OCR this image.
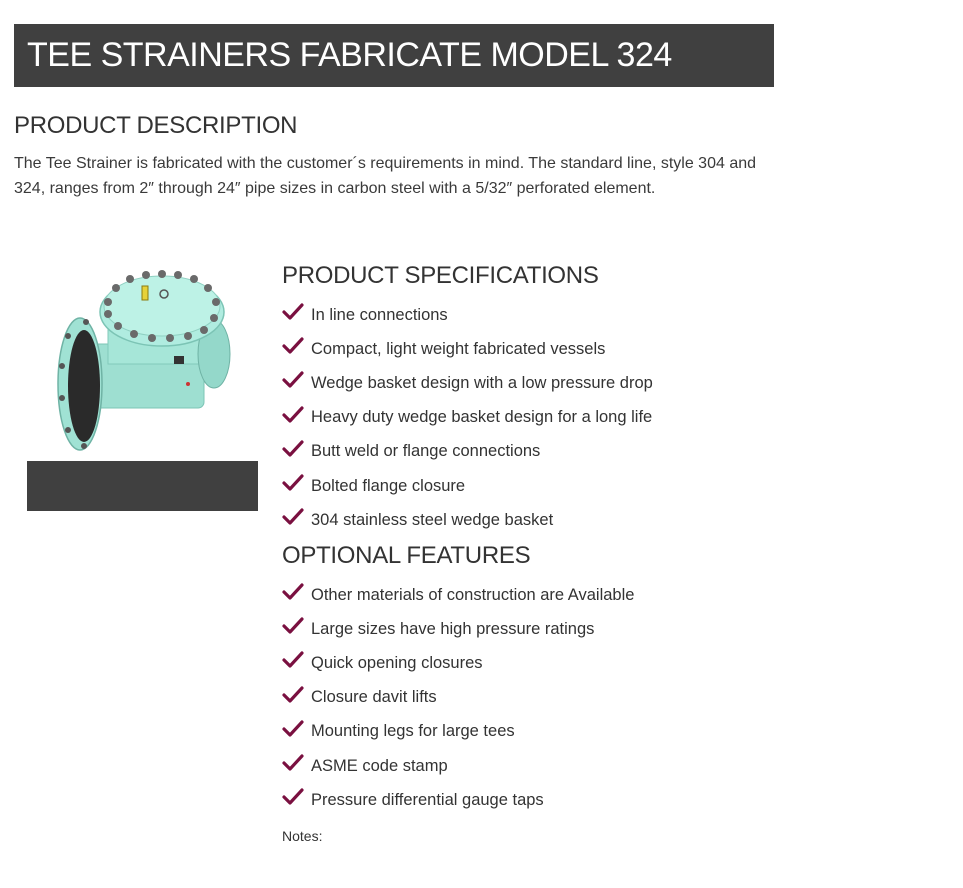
TEE STRAINERS FABRICATE MODEL 324
PRODUCT DESCRIPTION
The Tee Strainer is fabricated with the customer´s requirements in mind. The standard line, style 304 and 324, ranges from 2″ through 24″ pipe sizes in carbon steel with a 5/32″ perforated element.
PRODUCT SPECIFICATIONS
In line connections
Compact, light weight fabricated vessels
Wedge basket design with a low pressure drop
Heavy duty wedge basket design for a long life
Butt weld or flange connections
Bolted flange closure
304 stainless steel wedge basket
OPTIONAL FEATURES
Other materials of construction are Available
Large sizes have high pressure ratings
Quick opening closures
Closure davit lifts
Mounting legs for large tees
ASME code stamp
Pressure differential gauge taps
Notes:
